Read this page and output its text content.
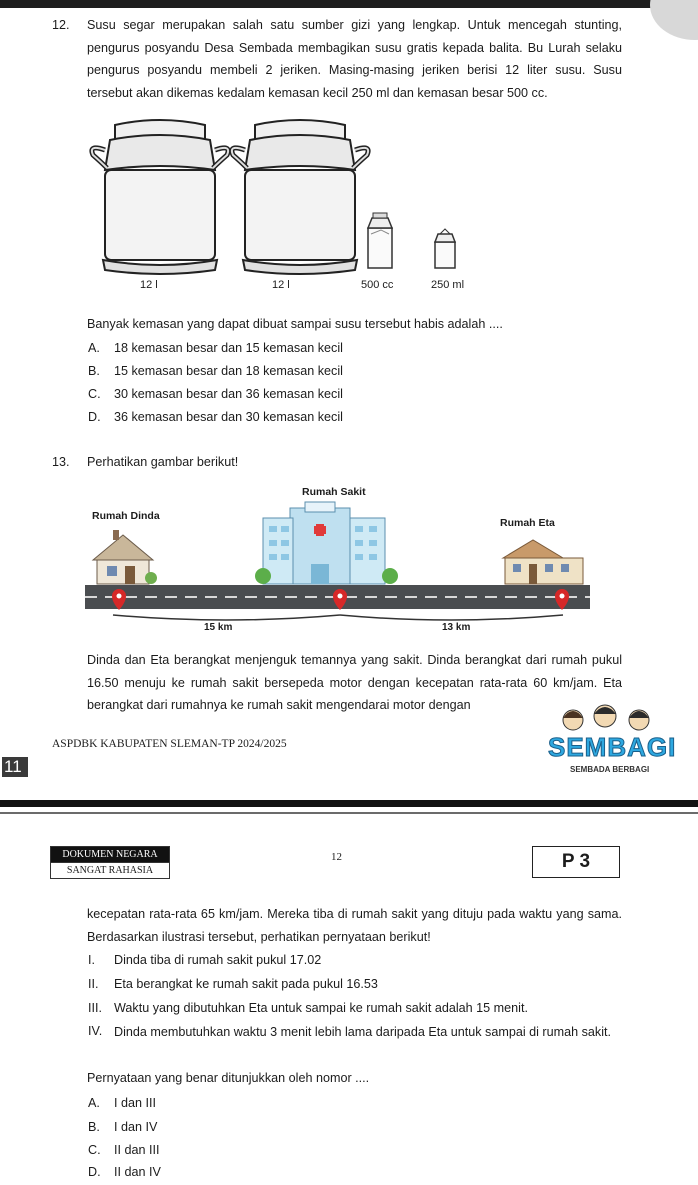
12. Susu segar merupakan salah satu sumber gizi yang lengkap. Untuk mencegah stunting, pengurus posyandu Desa Sembada membagikan susu gratis kepada balita. Bu Lurah selaku pengurus posyandu membeli 2 jeriken. Masing-masing jeriken berisi 12 liter susu. Susu tersebut akan dikemas kedalam kemasan kecil 250 ml dan kemasan besar 500 cc.
12 l	12 l	500 cc	250 ml
Banyak kemasan yang dapat dibuat sampai susu tersebut habis adalah ....
A. 18 kemasan besar dan 15 kemasan kecil
B. 15 kemasan besar dan 18 kemasan kecil
C. 30 kemasan besar dan 36 kemasan kecil
D. 36 kemasan besar dan 30 kemasan kecil
13. Perhatikan gambar berikut!
Rumah Sakit
Rumah Dinda
Rumah Eta
15 km	13 km
Dinda dan Eta berangkat menjenguk temannya yang sakit. Dinda berangkat dari rumah pukul 16.50 menuju ke rumah sakit bersepeda motor dengan kecepatan rata-rata 60 km/jam. Eta berangkat dari rumahnya ke rumah sakit mengendarai motor dengan
ASPDBK KABUPATEN SLEMAN-TP 2024/2025
11
SEMBAGI
SEMBADA BERBAGI
DOKUMEN NEGARA
SANGAT RAHASIA
12	P 3
kecepatan rata-rata 65 km/jam. Mereka tiba di rumah sakit yang dituju pada waktu yang sama. Berdasarkan ilustrasi tersebut, perhatikan pernyataan berikut!
I. Dinda tiba di rumah sakit pukul 17.02
II. Eta berangkat ke rumah sakit pada pukul 16.53
III. Waktu yang dibutuhkan Eta untuk sampai ke rumah sakit adalah 15 menit.
IV. Dinda membutuhkan waktu 3 menit lebih lama daripada Eta untuk sampai di rumah sakit.
Pernyataan yang benar ditunjukkan oleh nomor ....
A. I dan III
B. I dan IV
C. II dan III
D. II dan IV
